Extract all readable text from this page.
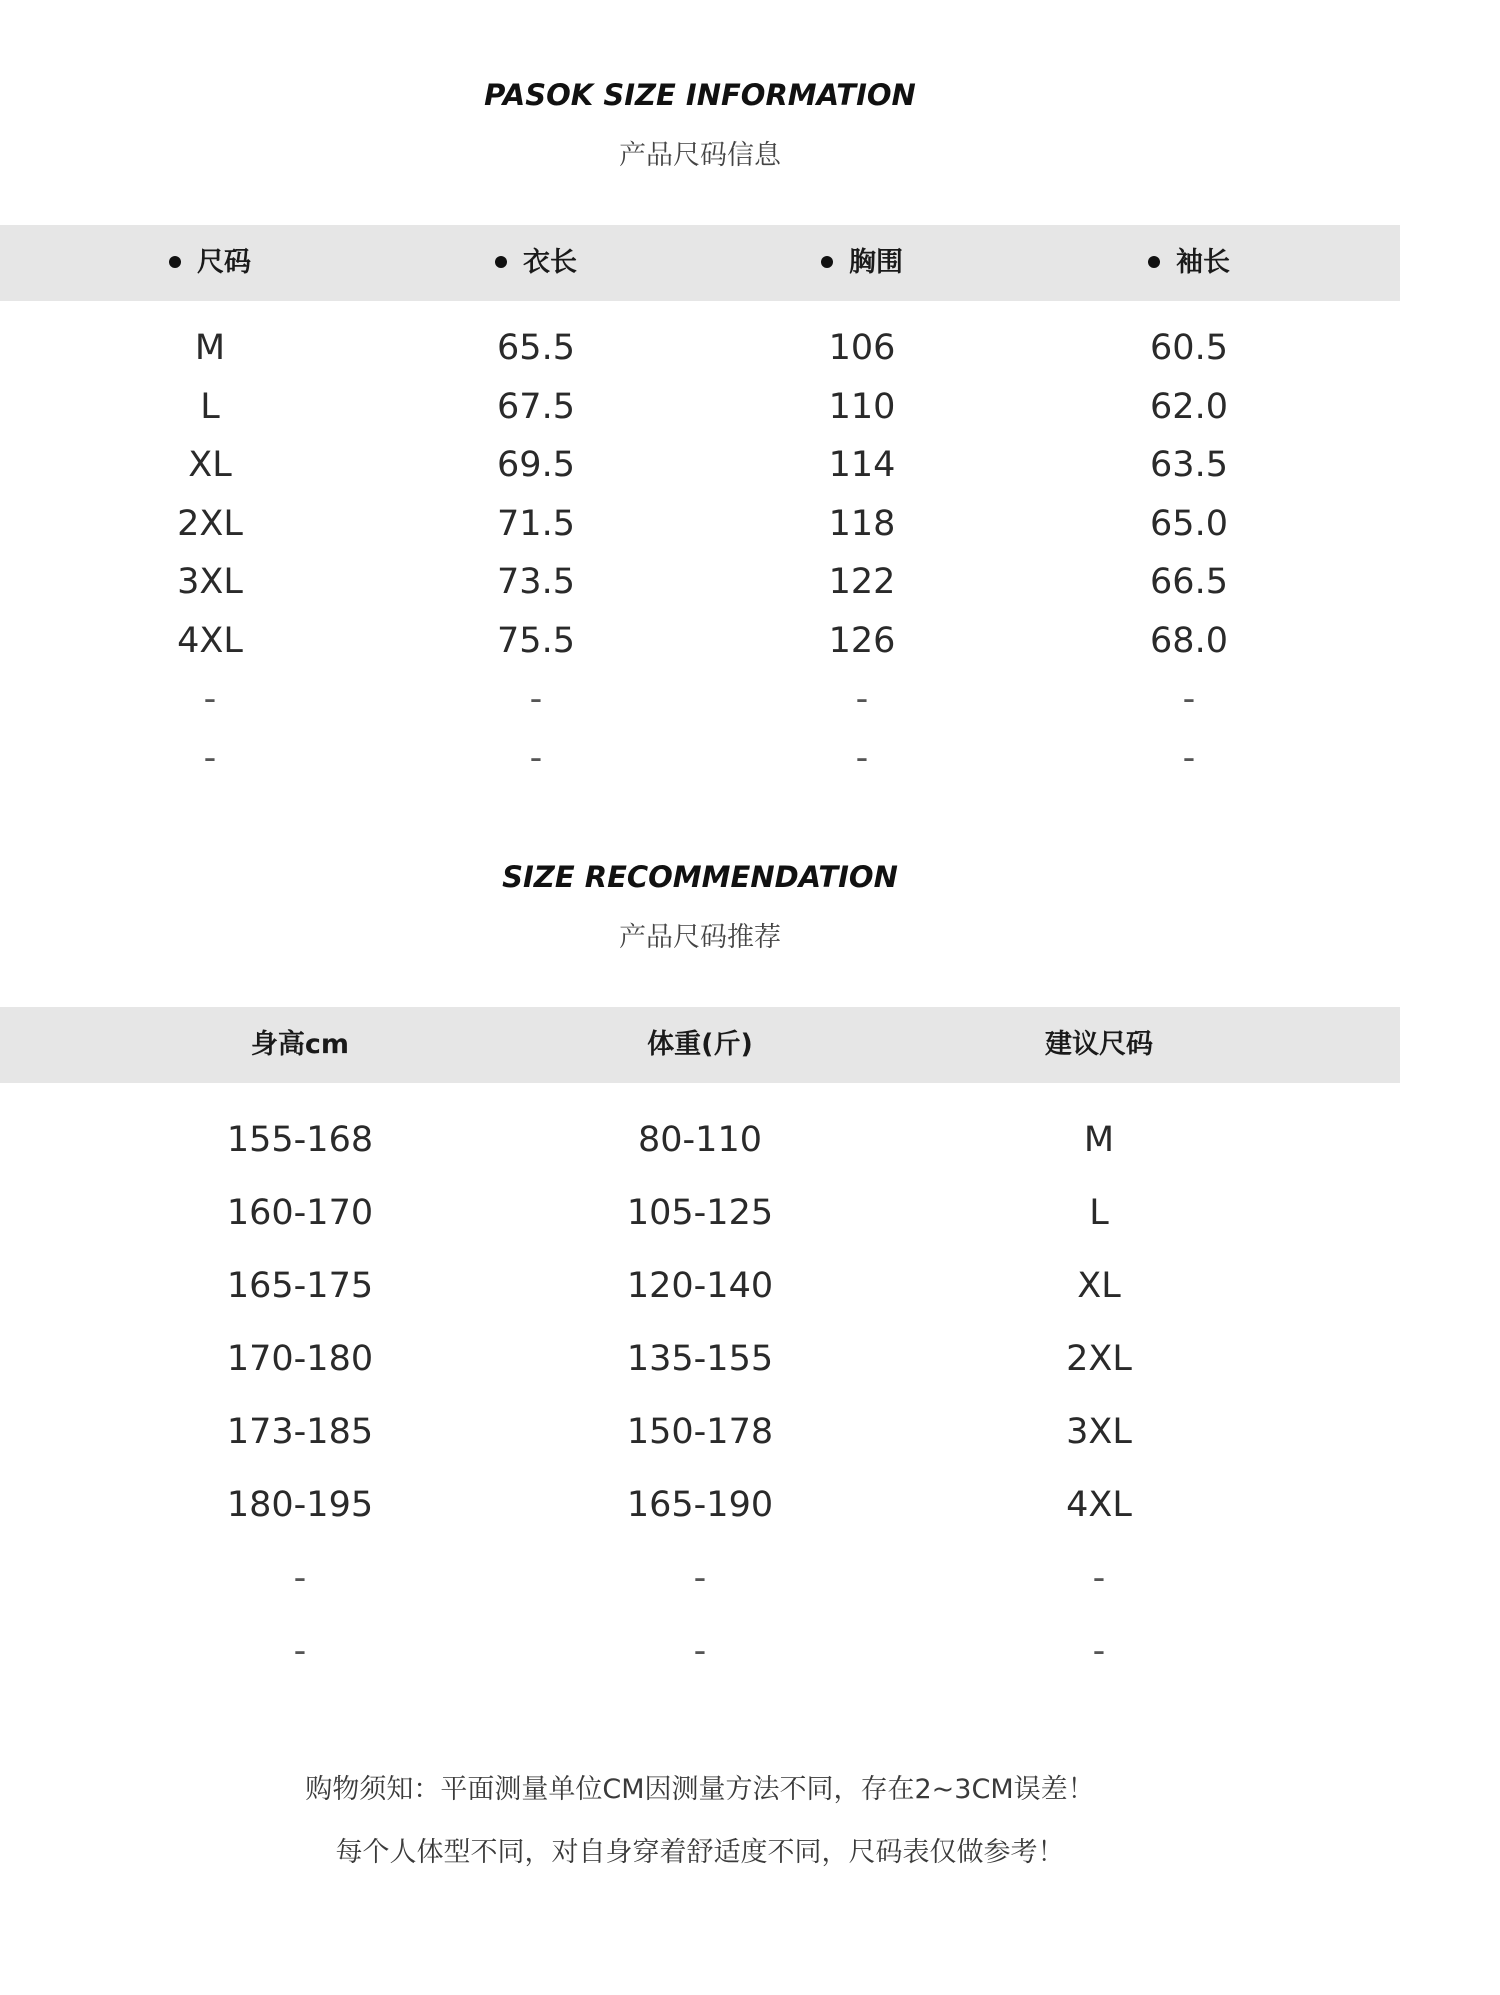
PASOK SIZE INFORMATION
产品尺码信息
尺码	衣长	胸围	袖长
M	65.5	106	60.5
L	67.5	110	62.0
XL	69.5	114	63.5
2XL	71.5	118	65.0
3XL	73.5	122	66.5
4XL	75.5	126	68.0
-	-	-	-
-	-	-	-
SIZE RECOMMENDATION
产品尺码推荐
身高cm	体重(斤)	建议尺码
155-168	80-110	M
160-170	105-125	L
165-175	120-140	XL
170-180	135-155	2XL
173-185	150-178	3XL
180-195	165-190	4XL
-	-	-
-	-	-
购物须知：平面测量单位CM因测量方法不同，存在2~3CM误差！
每个人体型不同，对自身穿着舒适度不同，尺码表仅做参考！
